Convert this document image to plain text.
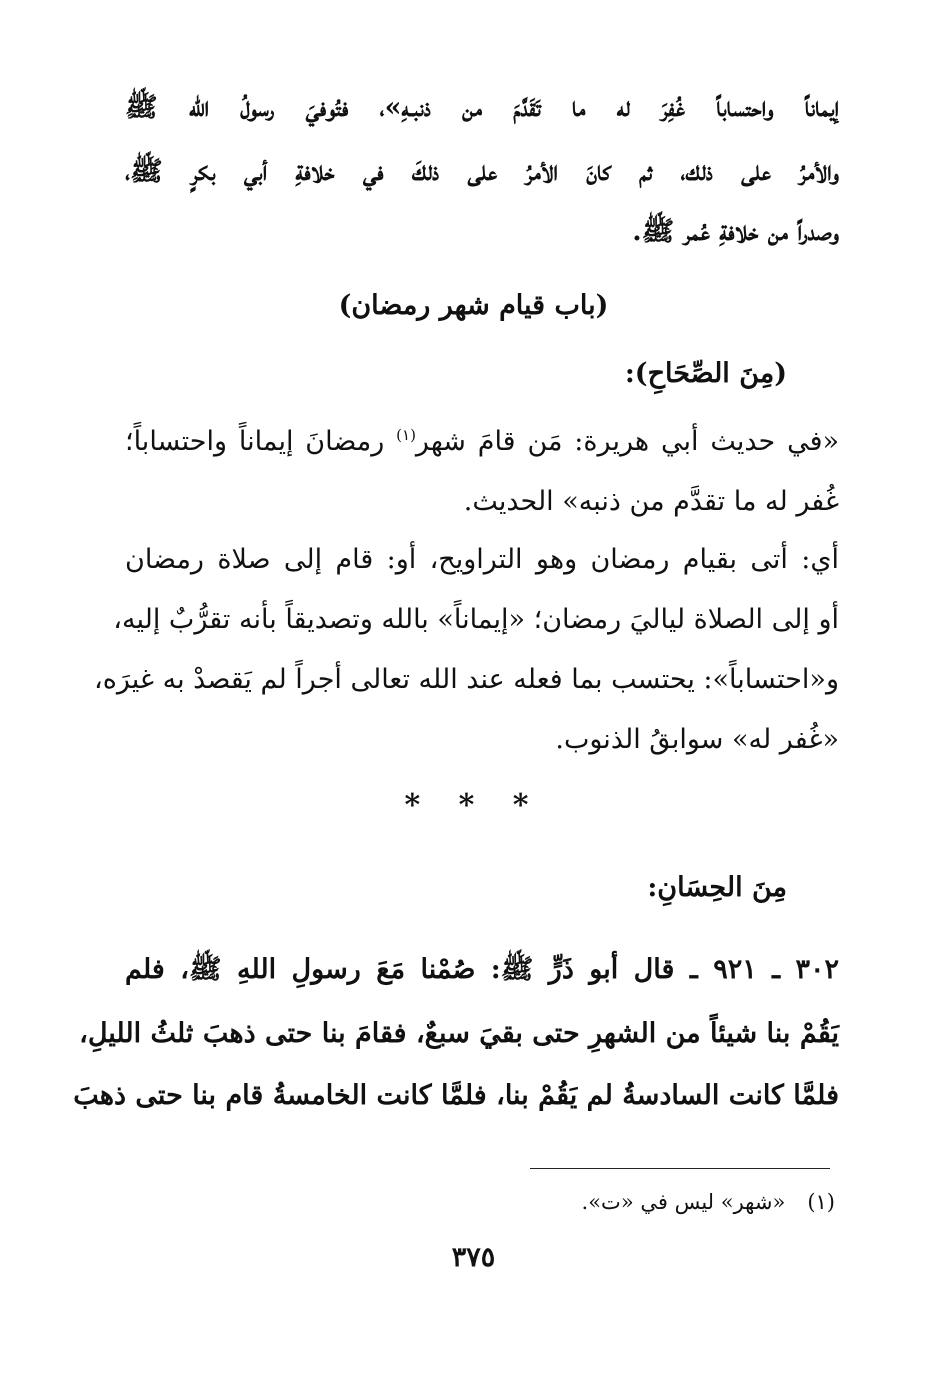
إيماناً واحتساباً غُفِرَ له ما تَقَدَّمَ من ذنبـهِ»، فتُوفيَ رسولُ الله ﷺ
والأمرُ على ذلك، ثم كانَ الأمرُ على ذلكَ في خلافةِ أبي بكرٍ ﷺ،
وصدراً من خلافةِ عُمر ﷺ.
(باب قيام شهر رمضان)
(مِنَ الصِّحَاحِ):
«في حديث أبي هريرة: مَن قامَ شهر$^{(١)}$ رمضانَ إيماناً واحتساباً؛
غُفر له ما تقدَّم من ذنبه» الحديث.
أي: أتى بقيام رمضان وهو التراويح، أو: قام إلى صلاة رمضان
أو إلى الصلاة لياليَ رمضان؛ «إيماناً» بالله وتصديقاً بأنه تقرُّبٌ إليه،
و«احتساباً»: يحتسب بما فعله عند الله تعالى أجراً لم يَقصدْ به غيرَه،
«غُفر له» سوابقُ الذنوب.
* * *
مِنَ الحِسَانِ:
٣٠٢ ـ ٩٢١ ـ قال أبو ذَرٍّ ﷺ: صُمْنا مَعَ رسولِ اللهِ ﷺ، فلم
يَقُمْ بنا شيئاً من الشهرِ حتى بقيَ سبعٌ، فقامَ بنا حتى ذهبَ ثلثُ الليلِ،
فلمَّا كانت السادسةُ لم يَقُمْ بنا، فلمَّا كانت الخامسةُ قام بنا حتى ذهبَ
(١)«شهر» ليس في «ت».
٣٧٥
